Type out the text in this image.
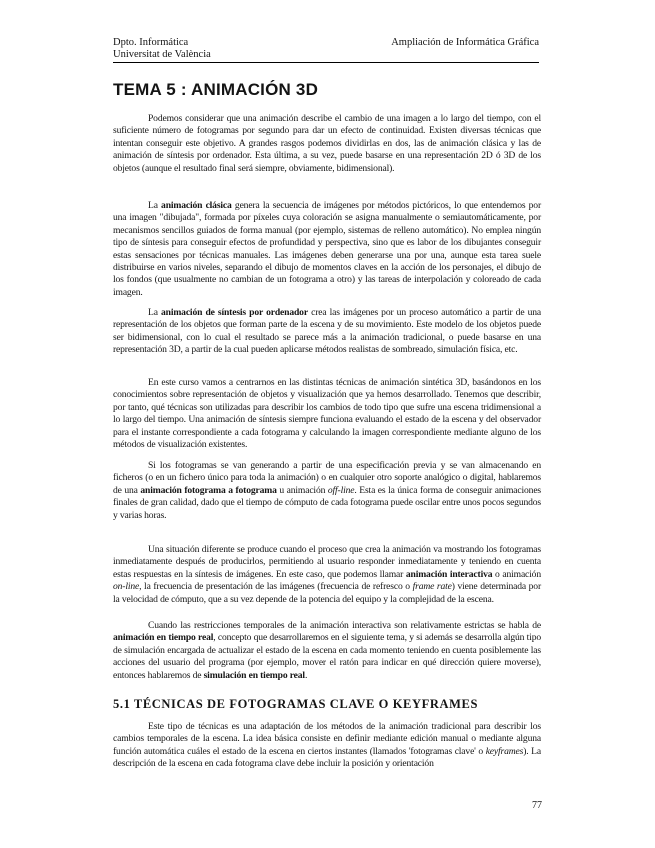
Dpto. Informática
Universitat de València
Ampliación de Informática Gráfica
TEMA 5 : ANIMACIÓN 3D

Podemos considerar que una animación describe el cambio de una imagen a lo largo del tiempo, con el suficiente número de fotogramas por segundo para dar un efecto de continuidad. Existen diversas técnicas que intentan conseguir este objetivo. A grandes rasgos podemos dividirlas en dos, las de animación clásica y las de animación de síntesis por ordenador. Esta última, a su vez, puede basarse en una representación 2D ó 3D de los objetos (aunque el resultado final será siempre, obviamente, bidimensional).

La animación clásica genera la secuencia de imágenes por métodos pictóricos, lo que entendemos por una imagen "dibujada", formada por píxeles cuya coloración se asigna manualmente o semiautomáticamente, por mecanismos sencillos guiados de forma manual (por ejemplo, sistemas de relleno automático). No emplea ningún tipo de síntesis para conseguir efectos de profundidad y perspectiva, sino que es labor de los dibujantes conseguir estas sensaciones por técnicas manuales. Las imágenes deben generarse una por una, aunque esta tarea suele distribuirse en varios niveles, separando el dibujo de momentos claves en la acción de los personajes, el dibujo de los fondos (que usualmente no cambian de un fotograma a otro) y las tareas de interpolación y coloreado de cada imagen.

La animación de síntesis por ordenador crea las imágenes por un proceso automático a partir de una representación de los objetos que forman parte de la escena y de su movimiento. Este modelo de los objetos puede ser bidimensional, con lo cual el resultado se parece más a la animación tradicional, o puede basarse en una representación 3D, a partir de la cual pueden aplicarse métodos realistas de sombreado, simulación física, etc.

En este curso vamos a centrarnos en las distintas técnicas de animación sintética 3D, basándonos en los conocimientos sobre representación de objetos y visualización que ya hemos desarrollado. Tenemos que describir, por tanto, qué técnicas son utilizadas para describir los cambios de todo tipo que sufre una escena tridimensional a lo largo del tiempo. Una animación de síntesis siempre funciona evaluando el estado de la escena y del observador para el instante correspondiente a cada fotograma y calculando la imagen correspondiente mediante alguno de los métodos de visualización existentes.

Si los fotogramas se van generando a partir de una especificación previa y se van almacenando en ficheros (o en un fichero único para toda la animación) o en cualquier otro soporte analógico o digital, hablaremos de una animación fotograma a fotograma u animación off-line. Esta es la única forma de conseguir animaciones finales de gran calidad, dado que el tiempo de cómputo de cada fotograma puede oscilar entre unos pocos segundos y varias horas.

Una situación diferente se produce cuando el proceso que crea la animación va mostrando los fotogramas inmediatamente después de producirlos, permitiendo al usuario responder inmediatamente y teniendo en cuenta estas respuestas en la síntesis de imágenes. En este caso, que podemos llamar animación interactiva o animación on-line, la frecuencia de presentación de las imágenes (frecuencia de refresco o frame rate) viene determinada por la velocidad de cómputo, que a su vez depende de la potencia del equipo y la complejidad de la escena.

Cuando las restricciones temporales de la animación interactiva son relativamente estrictas se habla de animación en tiempo real, concepto que desarrollaremos en el siguiente tema, y si además se desarrolla algún tipo de simulación encargada de actualizar el estado de la escena en cada momento teniendo en cuenta posiblemente las acciones del usuario del programa (por ejemplo, mover el ratón para indicar en qué dirección quiere moverse), entonces hablaremos de simulación en tiempo real.

5.1 TÉCNICAS DE FOTOGRAMAS CLAVE O KEYFRAMES

Este tipo de técnicas es una adaptación de los métodos de la animación tradicional para describir los cambios temporales de la escena. La idea básica consiste en definir mediante edición manual o mediante alguna función automática cuáles el estado de la escena en ciertos instantes (llamados 'fotogramas clave' o keyframes). La descripción de la escena en cada fotograma clave debe incluir la posición y orientación

77
